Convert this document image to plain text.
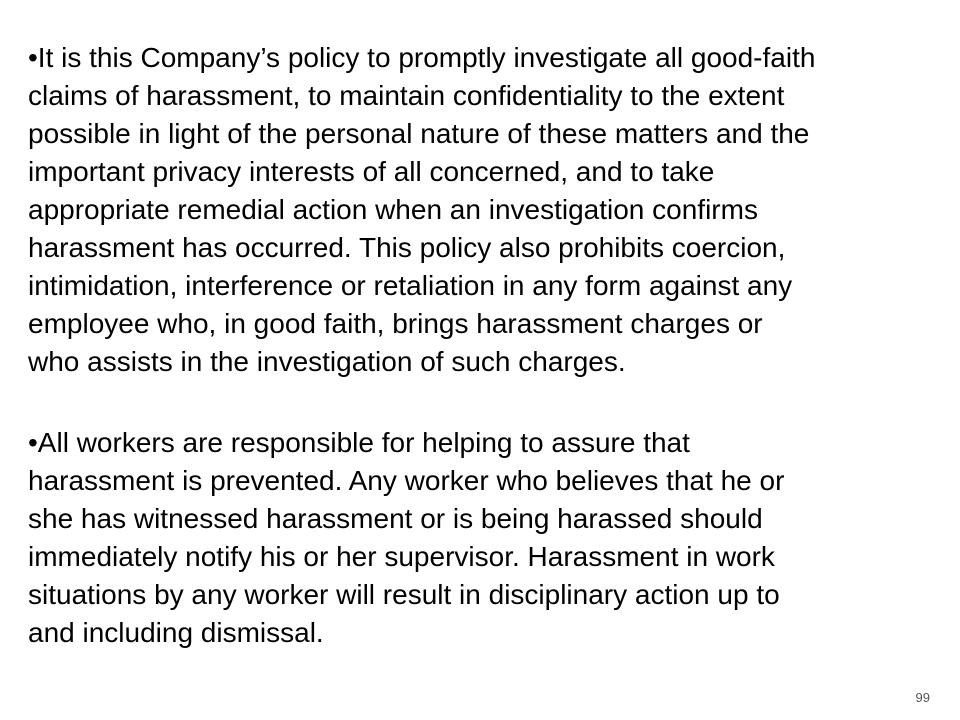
•It is this Company’s policy to promptly investigate all good-faith
claims of harassment, to maintain confidentiality to the extent
possible in light of the personal nature of these matters and the
important privacy interests of all concerned, and to take
appropriate remedial action when an investigation confirms
harassment has occurred. This policy also prohibits coercion,
intimidation, interference or retaliation in any form against any
employee who, in good faith, brings harassment charges or
who assists in the investigation of such charges.

•All workers are responsible for helping to assure that
harassment is prevented. Any worker who believes that he or
she has witnessed harassment or is being harassed should
immediately notify his or her supervisor. Harassment in work
situations by any worker will result in disciplinary action up to
and including dismissal.

99
